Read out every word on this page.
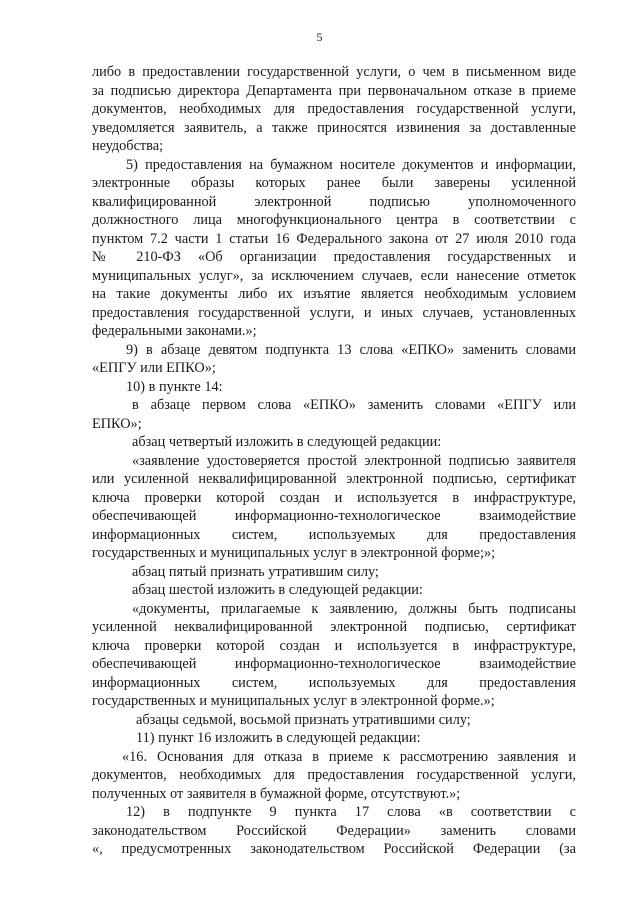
5
либо в предоставлении государственной услуги, о чем в письменном виде
за подписью директора Департамента при первоначальном отказе в приеме
документов, необходимых для предоставления государственной услуги,
уведомляется заявитель, а также приносятся извинения за доставленные
неудобства;
5) предоставления на бумажном носителе документов и информации,
электронные образы которых ранее были заверены усиленной
квалифицированной электронной подписью уполномоченного
должностного лица многофункционального центра в соответствии с
пунктом 7.2 части 1 статьи 16 Федерального закона от 27 июля 2010 года
№ 210-ФЗ «Об организации предоставления государственных и
муниципальных услуг», за исключением случаев, если нанесение отметок
на такие документы либо их изъятие является необходимым условием
предоставления государственной услуги, и иных случаев, установленных
федеральными законами.»;
9) в абзаце девятом подпункта 13 слова «ЕПКО» заменить словами
«ЕПГУ или ЕПКО»;
10) в пункте 14:
в абзаце первом слова «ЕПКО» заменить словами «ЕПГУ или
ЕПКО»;
абзац четвертый изложить в следующей редакции:
«заявление удостоверяется простой электронной подписью заявителя
или усиленной неквалифицированной электронной подписью, сертификат
ключа проверки которой создан и используется в инфраструктуре,
обеспечивающей информационно-технологическое взаимодействие
информационных систем, используемых для предоставления
государственных и муниципальных услуг в электронной форме;»;
абзац пятый признать утратившим силу;
абзац шестой изложить в следующей редакции:
«документы, прилагаемые к заявлению, должны быть подписаны
усиленной неквалифицированной электронной подписью, сертификат
ключа проверки которой создан и используется в инфраструктуре,
обеспечивающей информационно-технологическое взаимодействие
информационных систем, используемых для предоставления
государственных и муниципальных услуг в электронной форме.»;
абзацы седьмой, восьмой признать утратившими силу;
11) пункт 16 изложить в следующей редакции:
«16. Основания для отказа в приеме к рассмотрению заявления и
документов, необходимых для предоставления государственной услуги,
полученных от заявителя в бумажной форме, отсутствуют.»;
12) в подпункте 9 пункта 17 слова «в соответствии с
законодательством Российской Федерации» заменить словами
«, предусмотренных законодательством Российской Федерации (за
